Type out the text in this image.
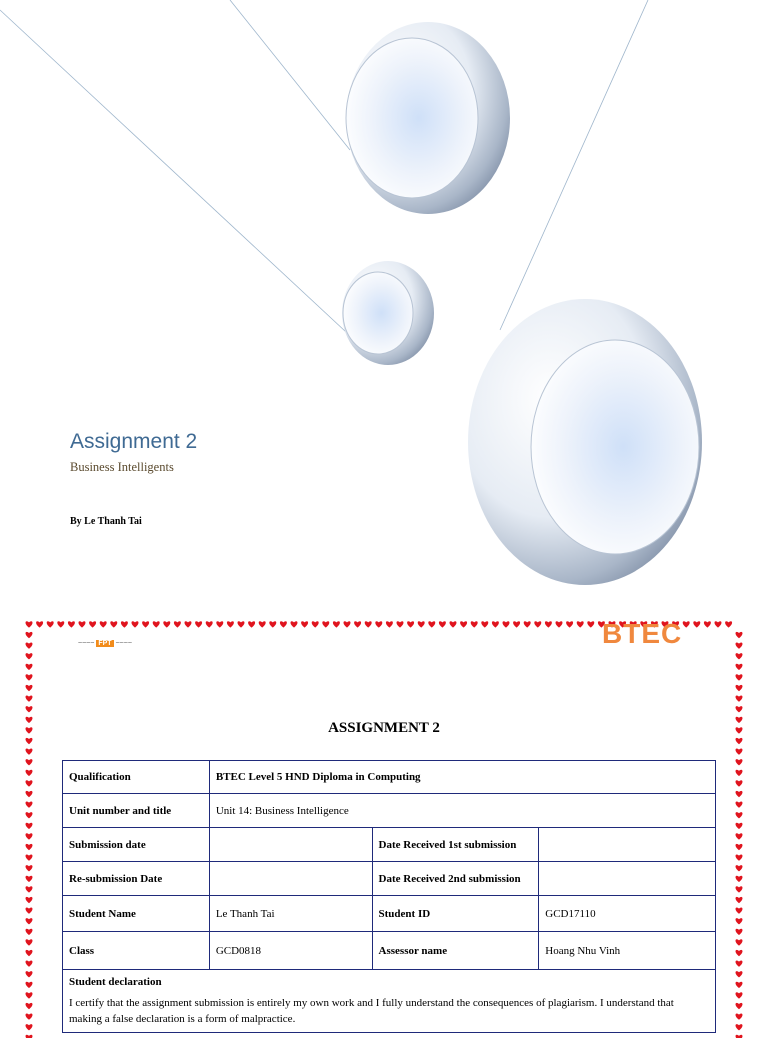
Assignment 2
Business Intelligents
By Le Thanh Tai
~~~~ FPT ~~~~	BTEC
ASSIGNMENT 2
Qualification	BTEC Level 5 HND Diploma in Computing		
Unit number and title	Unit 14: Business Intelligence		
Submission date		Date Received 1st submission	
Re-submission Date		Date Received 2nd submission	
Student Name	Le Thanh Tai	Student ID	GCD17110
Class	GCD0818	Assessor name	Hoang Nhu Vinh

Student declaration
I certify that the assignment submission is entirely my own work and I fully understand the consequences of plagiarism. I understand that making a false declaration is a form of malpractice.			
